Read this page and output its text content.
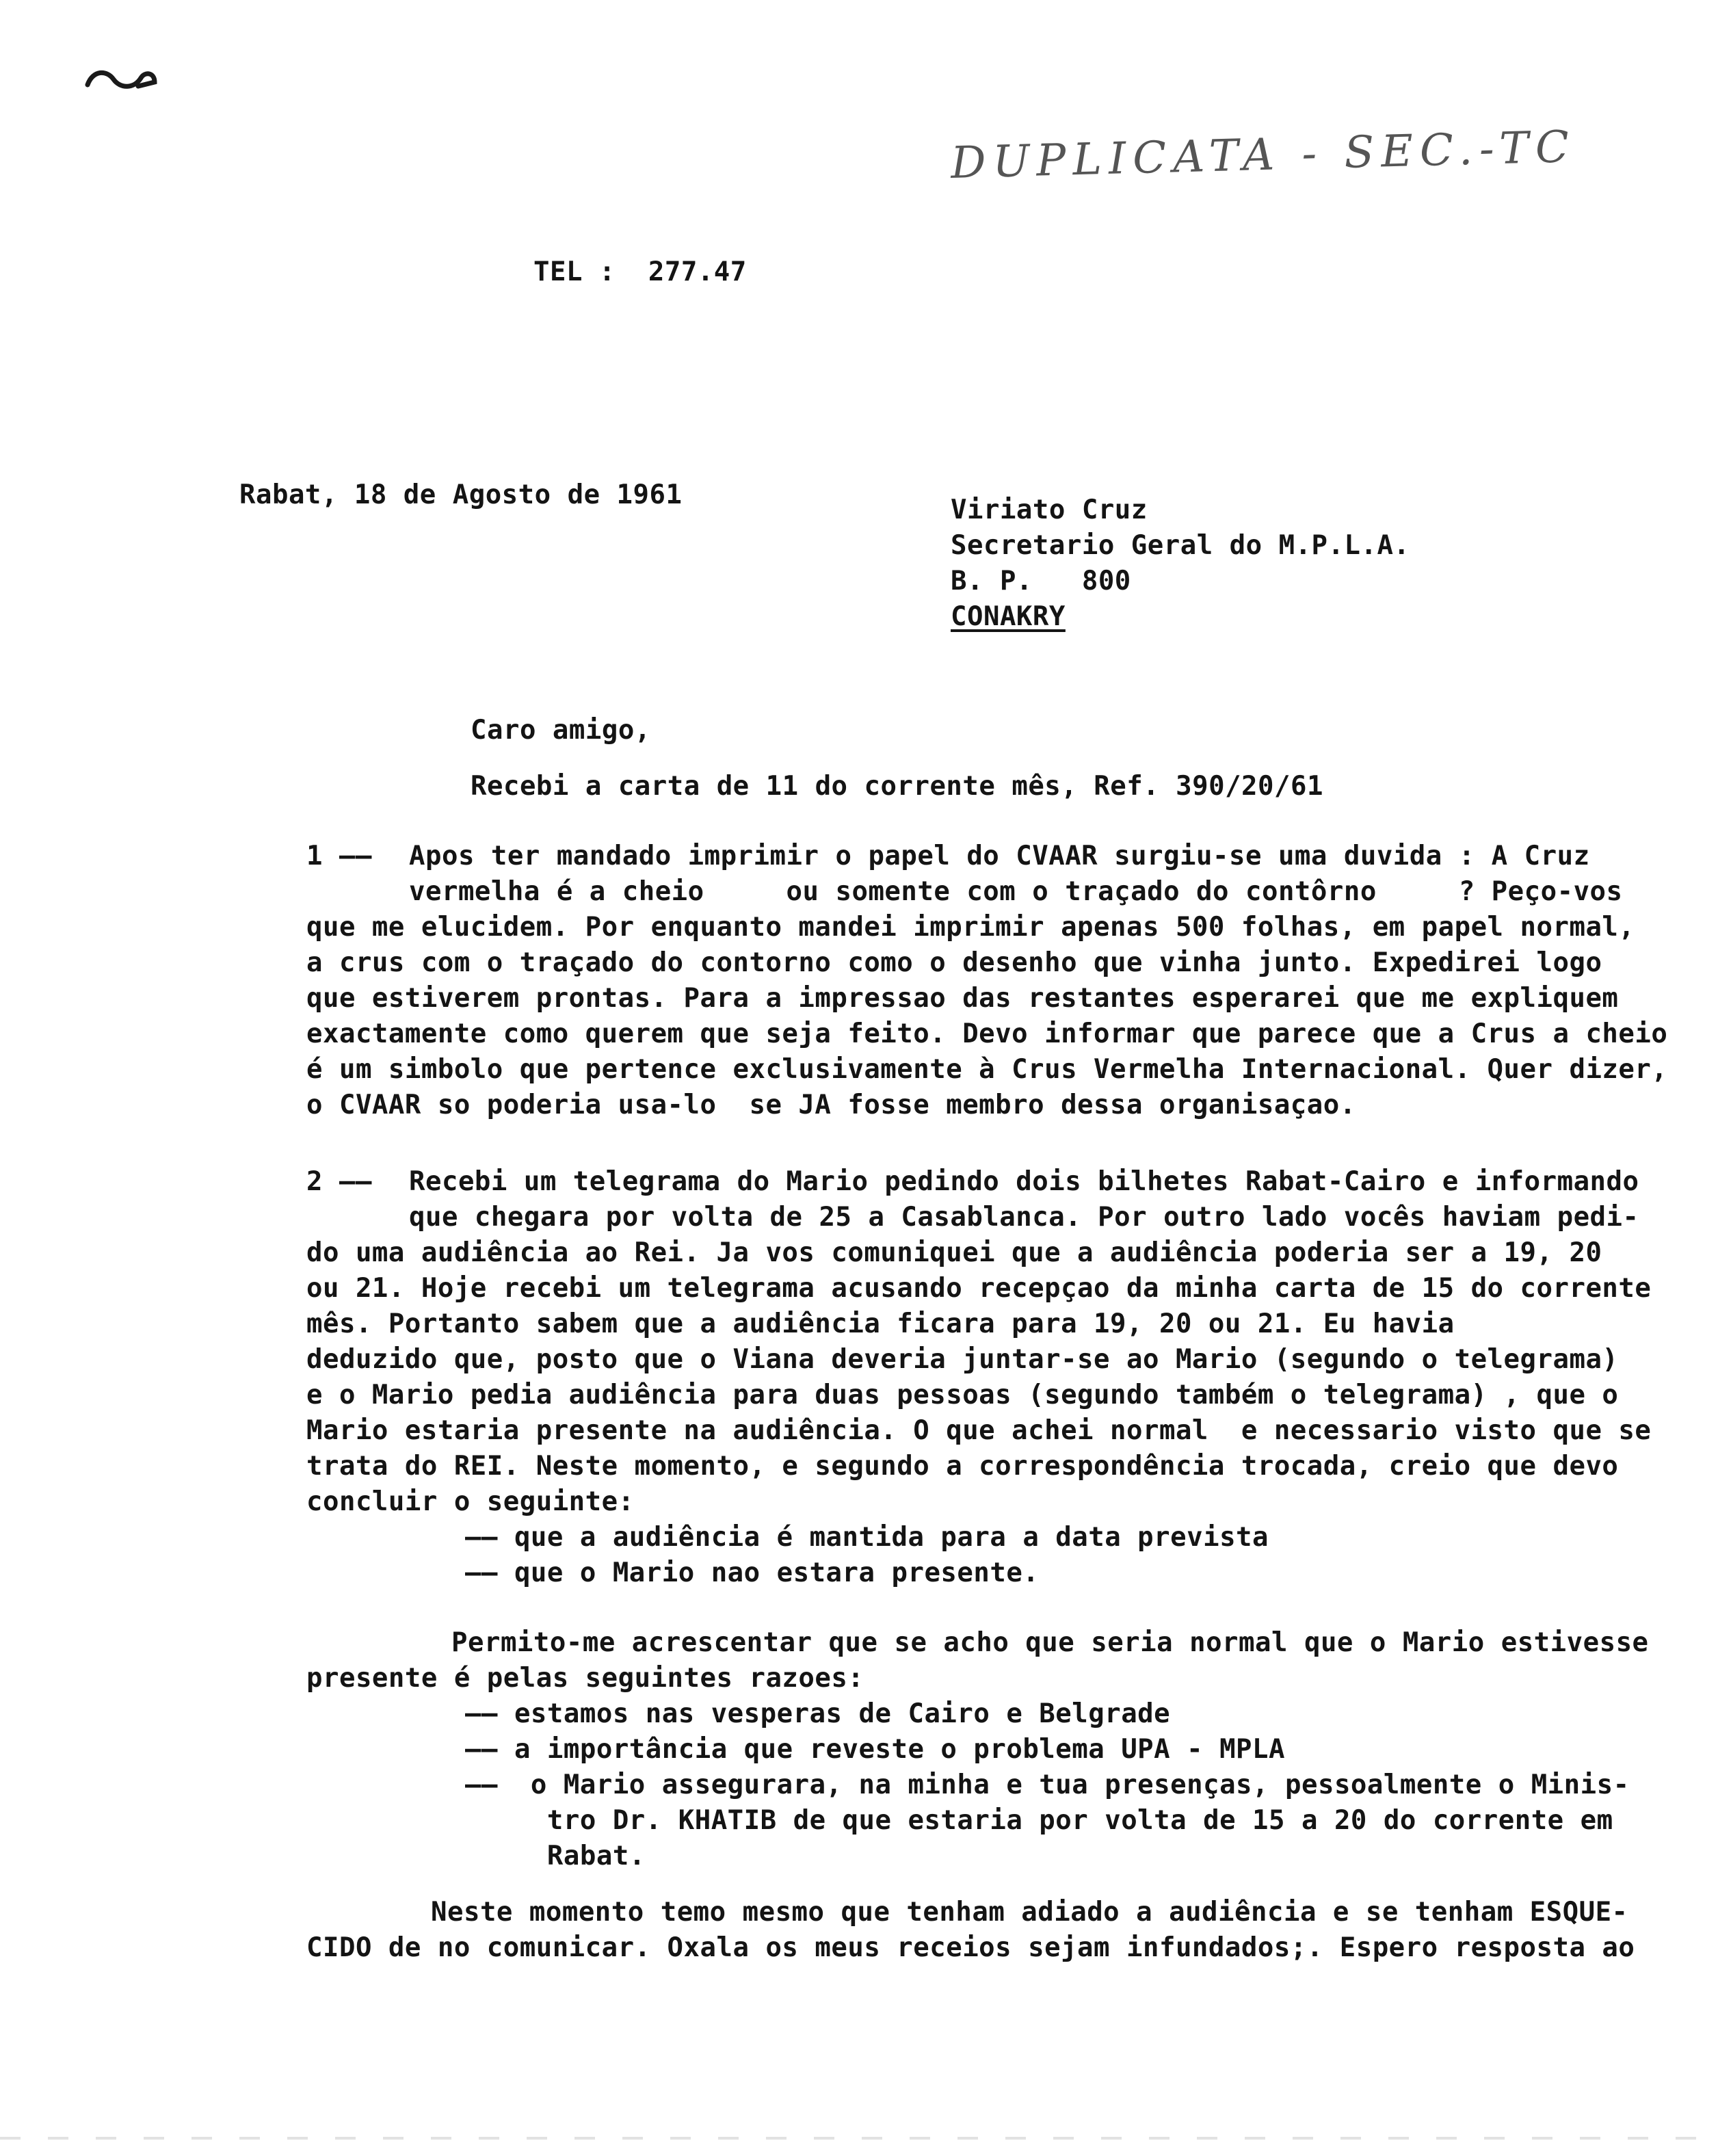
DUPLICATA - SEC.-TC
TEL :  277.47
Rabat, 18 de Agosto de 1961	Viriato Cruz
Secretario Geral do M.P.L.A.
B. P.   800
CONAKRY
Caro amigo,
Recebi a carta de 11 do corrente mês, Ref. 390/20/61
1 —— Apos ter mandado imprimir o papel do CVAAR surgiu-se uma duvida : A Cruz
vermelha é a cheio     ou somente com o traçado do contôrno     ? Peço-vos
que me elucidem. Por enquanto mandei imprimir apenas 500 folhas, em papel normal,
a crus com o traçado do contorno como o desenho que vinha junto. Expedirei logo
que estiverem prontas. Para a impressao das restantes esperarei que me expliquem
exactamente como querem que seja feito. Devo informar que parece que a Crus a cheio
é um simbolo que pertence exclusivamente à Crus Vermelha Internacional. Quer dizer,
o CVAAR so poderia usa-lo  se JA fosse membro dessa organisaçao.
2 —— Recebi um telegrama do Mario pedindo dois bilhetes Rabat-Cairo e informando
que chegara por volta de 25 a Casablanca. Por outro lado vocês haviam pedi-
do uma audiência ao Rei. Ja vos comuniquei que a audiência poderia ser a 19, 20
ou 21. Hoje recebi um telegrama acusando recepçao da minha carta de 15 do corrente
mês. Portanto sabem que a audiência ficara para 19, 20 ou 21. Eu havia
deduzido que, posto que o Viana deveria juntar-se ao Mario (segundo o telegrama)
e o Mario pedia audiência para duas pessoas (segundo também o telegrama) , que o
Mario estaria presente na audiência. O que achei normal  e necessario visto que se
trata do REI. Neste momento, e segundo a correspondência trocada, creio que devo
concluir o seguinte:
—— que a audiência é mantida para a data prevista
—— que o Mario nao estara presente.
Permito-me acrescentar que se acho que seria normal que o Mario estivesse
presente é pelas seguintes razoes:
—— estamos nas vesperas de Cairo e Belgrade
—— a importância que reveste o problema UPA - MPLA
——  o Mario assegurara, na minha e tua presenças, pessoalmente o Minis-
tro Dr. KHATIB de que estaria por volta de 15 a 20 do corrente em
Rabat.
Neste momento temo mesmo que tenham adiado a audiência e se tenham ESQUE-
CIDO de no comunicar. Oxala os meus receios sejam infundados;. Espero resposta ao
